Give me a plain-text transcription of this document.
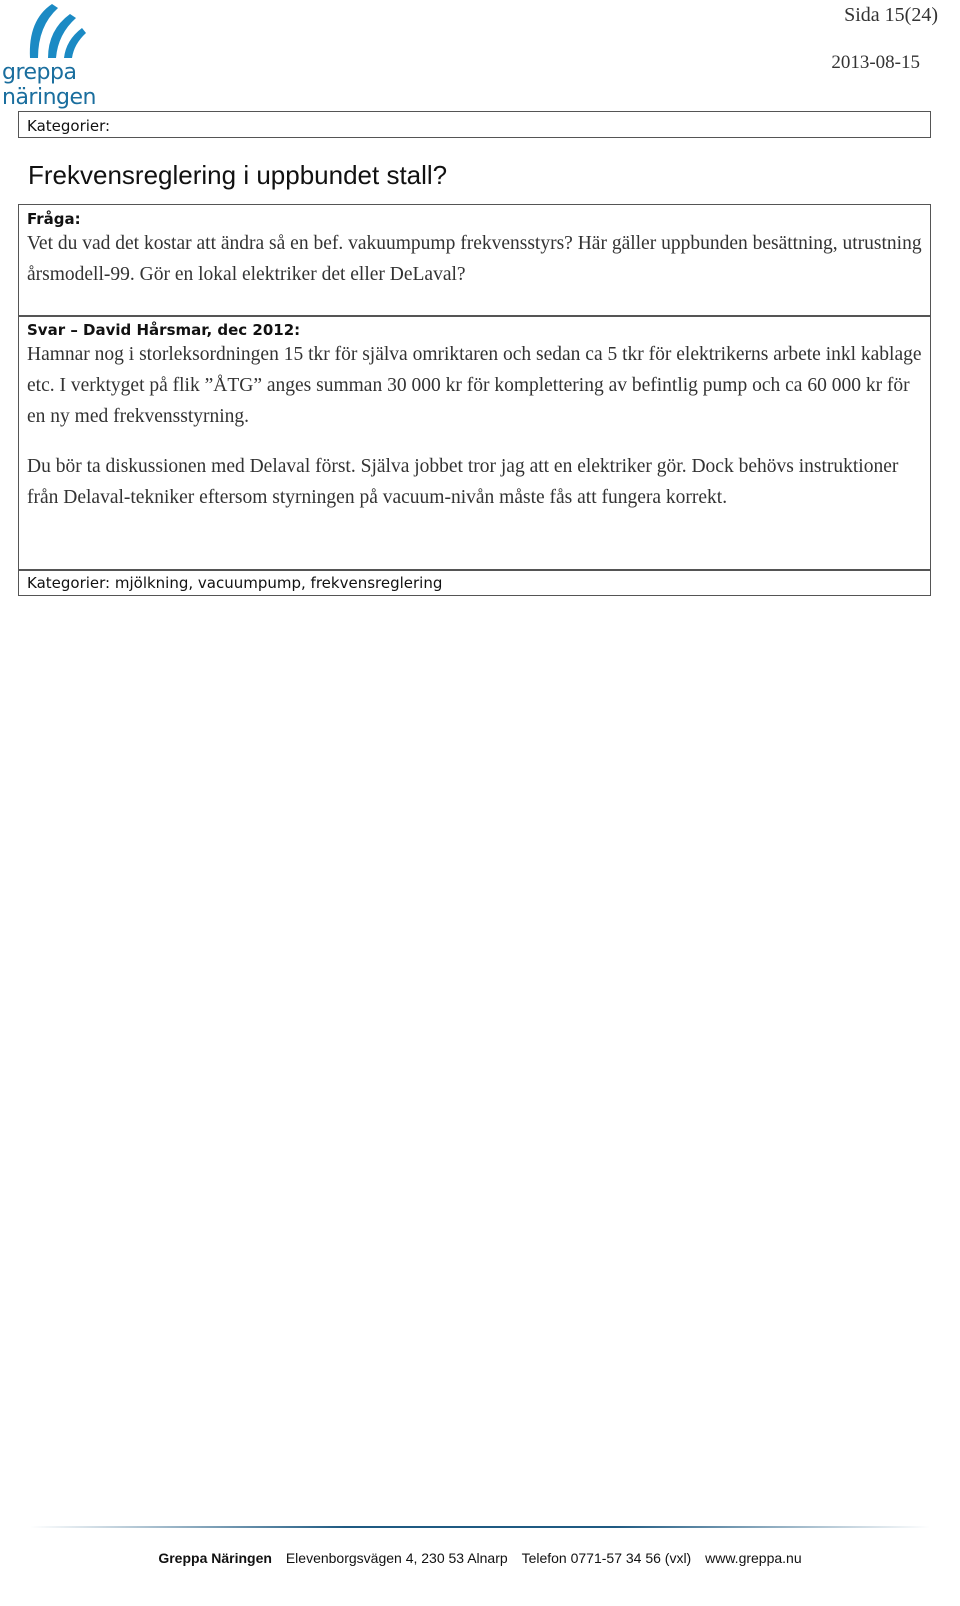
greppa näringen
Sida 15(24)
2013-08-15
Kategorier:
Frekvensreglering i uppbundet stall?
Fråga:

Vet du vad det kostar att ändra så en bef. vakuumpump frekvensstyrs? Här gäller uppbunden besättning, utrustning årsmodell-99. Gör en lokal elektriker det eller DeLaval?

Svar – David Hårsmar, dec 2012:

Hamnar nog i storleksordningen 15 tkr för själva omriktaren och sedan ca 5 tkr för elektrikerns arbete inkl kablage etc. I verktyget på flik ”ÅTG” anges summan 30 000 kr för komplettering av befintlig pump och ca 60 000 kr för en ny med frekvensstyrning.

Du bör ta diskussionen med Delaval först. Själva jobbet tror jag att en elektriker gör. Dock behövs instruktioner från Delaval-tekniker eftersom styrningen på vacuum-nivån måste fås att fungera korrekt.

Kategorier: mjölkning, vacuumpump, frekvensreglering
Greppa Näringen Elevenborgsvägen 4, 230 53 Alnarp Telefon 0771-57 34 56 (vxl) www.greppa.nu
